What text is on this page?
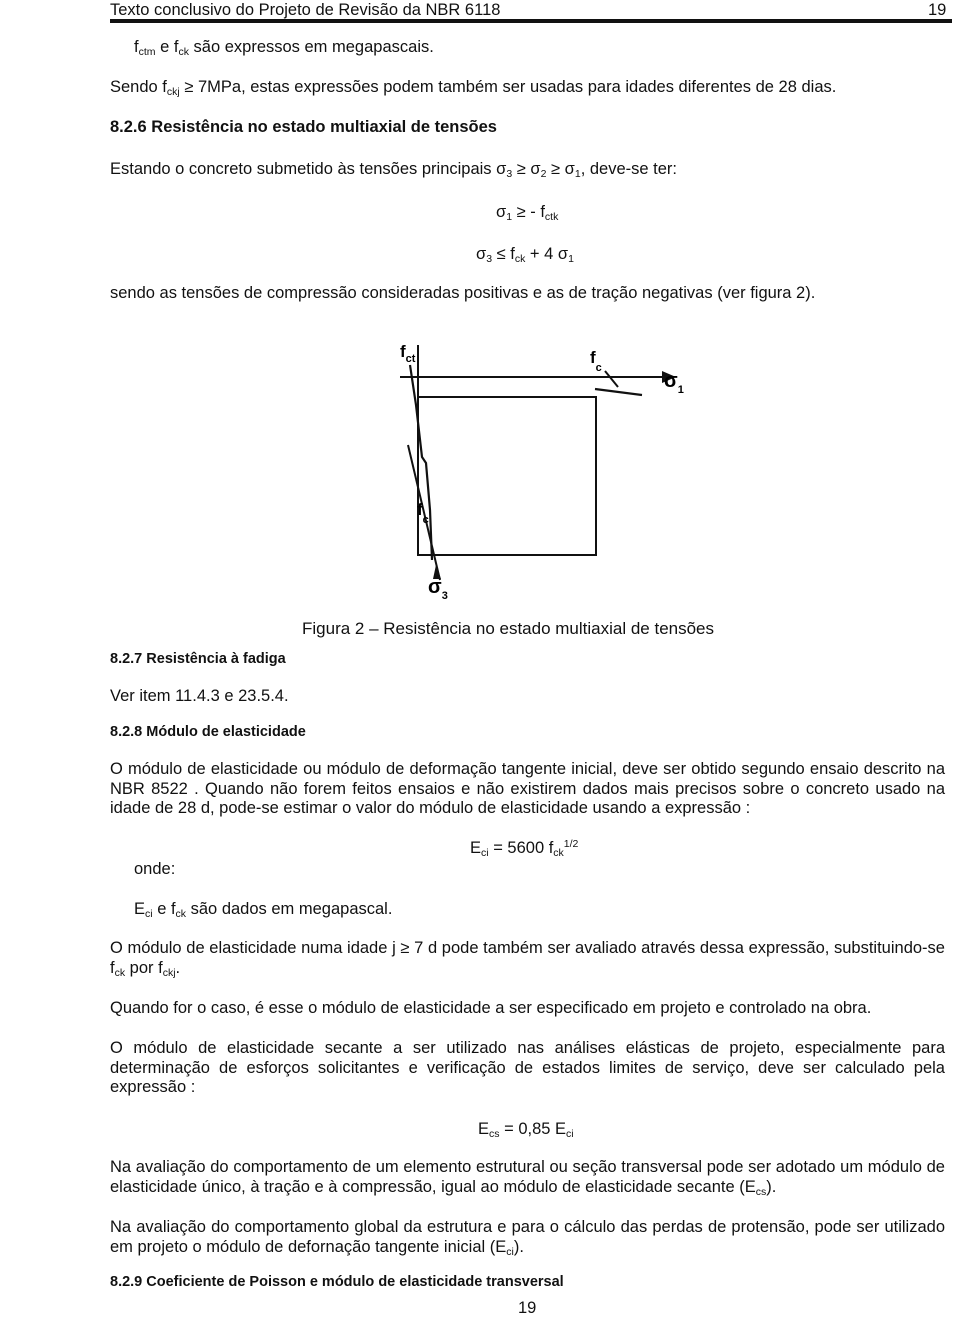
Texto conclusivo do Projeto de Revisão da NBR 6118	19
$f_{ctm}$ e $f_{ck}$ são expressos em megapascais.
Sendo $f_{ckj} \ge 7MPa$, estas expressões podem também ser usadas para idades diferentes de 28 dias.
8.2.6 Resistência no estado multiaxial de tensões
Estando o concreto submetido às tensões principais $\sigma_3 \ge \sigma_2 \ge \sigma_1$, deve-se ter:
$\sigma_1$ ≥ - $f_{ctk}$
$\sigma_3 \le f_{ck} + 4$ $\sigma_1$
sendo as tensões de compressão consideradas positivas e as de tração negativas (ver figura 2).
$f_{ct}$	$f_c$
$\sigma_1$
$f_c$
$\sigma_3$
Figura 2 – Resistência no estado multiaxial de tensões
8.2.7 Resistência à fadiga
Ver item 11.4.3 e 23.5.4.
8.2.8 Módulo de elasticidade
O módulo de elasticidade ou módulo de deformação tangente inicial, deve ser obtido segundo ensaio descrito na NBR 8522 . Quando não forem feitos ensaios e não existirem dados mais precisos sobre o concreto usado na idade de 28 d, pode-se estimar o valor do módulo de elasticidade usando a expressão :
$E_{ci} = 5600$ $f_{ck}^{1/2}$
onde:
$E_{ci}$ e $f_{ck}$ são dados em megapascal.
O módulo de elasticidade numa idade j ≥ 7 d pode também ser avaliado através dessa expressão, substituindo-se $f_{ck}$ por $f_{ckj}$.
Quando for o caso, é esse o módulo de elasticidade a ser especificado em projeto e controlado na obra.
O módulo de elasticidade secante a ser utilizado nas análises elásticas de projeto, especialmente para determinação de esforços solicitantes e verificação de estados limites de serviço, deve ser calculado pela expressão :
$E_{cs} = 0,85$ $E_{ci}$
Na avaliação do comportamento de um elemento estrutural ou seção transversal pode ser adotado um módulo de elasticidade único, à tração e à compressão, igual ao módulo de elasticidade secante $(E_{cs})$.
Na avaliação do comportamento global da estrutura e para o cálculo das perdas de protensão, pode ser utilizado em projeto o módulo de defornação tangente inicial $(E_{ci})$.
8.2.9 Coeficiente de Poisson e módulo de elasticidade transversal
19
